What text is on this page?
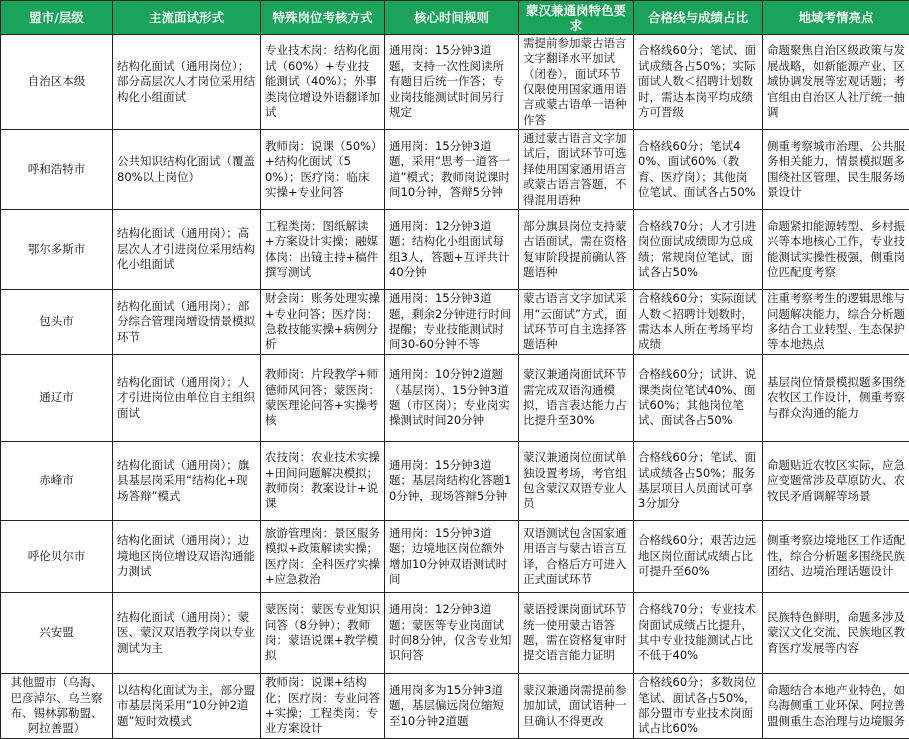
盟市/层级	主流面试形式	特殊岗位考核方式	核心时间规则	蒙汉兼通岗特色要求	合格线与成绩占比	地域考情亮点

自治区本级	结构化面试（通用岗位）；部分高层次人才岗位采用结构化小组面试	专业技术岗：结构化面试（60%）+专业技能测试（40%）；外事类岗位增设外语翻译加试	通用岗：15分钟3道题，支持一次性阅读所有题目后统一作答；专业岗技能测试时间另行规定	需提前参加蒙古语言文字翻译水平加试（闭卷），面试环节仅限使用国家通用语言或蒙古语单一语种作答	合格线60分；笔试、面试成绩各占50%；实际面试人数＜招聘计划数时，需达本岗平均成绩方可晋级	命题聚焦自治区级政策与发展战略，如新能源产业、区域协调发展等宏观话题；考官组由自治区人社厅统一抽调

呼和浩特市	公共知识结构化面试（覆盖80%以上岗位）	教师岗：说课（50%）+结构化面试（50%）；医疗岗：临床实操+专业问答	通用岗：15分钟3道题，采用“思考一道答一道”模式；教师岗说课时间10分钟，答辩5分钟	通过蒙古语言文字加试后，面试环节可选择使用国家通用语言或蒙古语言答题，不得混用语种	合格线60分；笔试40%、面试60%（教育、医疗岗）；其他岗位笔试、面试各占50%	侧重考察城市治理、公共服务相关能力，情景模拟题多围绕社区管理、民生服务场景设计

鄂尔多斯市	结构化面试（通用岗）；高层次人才引进岗位采用结构化小组面试	工程类岗：图纸解读+方案设计实操；融媒体岗：出镜主持+稿件撰写测试	通用岗：12分钟3道题；结构化小组面试每组3人，答题+互评共计40分钟	部分旗县岗位支持蒙古语面试，需在资格复审阶段提前确认答题语种	合格线70分；人才引进岗位面试成绩即为总成绩；常规岗位笔试、面试各占50%	命题紧扣能源转型、乡村振兴等本地核心工作，专业技能测试实操性极强，侧重岗位匹配度考察

包头市	结构化面试（通用岗）；部分综合管理岗增设情景模拟环节	财会岗：账务处理实操+专业问答；医疗岗：急救技能实操+病例分析	通用岗：15分钟3道题，剩余2分钟进行时间提醒；专业技能测试时间30-60分钟不等	蒙古语言文字加试采用“云面试”方式，面试环节可自主选择答题语种	合格线60分；实际面试人数＜招聘计划数时，需达本人所在考场平均成绩	注重考察考生的逻辑思维与问题解决能力，综合分析题多结合工业转型、生态保护等本地热点

通辽市	结构化面试（通用岗）；人才引进岗位由单位自主组织面试	教师岗：片段教学+师德师风问答；蒙医岗：蒙医理论问答+实操考核	通用岗：10分钟2道题（基层岗）、15分钟3道题（市区岗）；专业岗实操测试时间20分钟	蒙汉兼通岗面试环节需完成双语沟通模拟，语言表达能力占比提升至30%	合格线60分；试讲、说课类岗位笔试40%、面试60%；其他岗位笔试、面试各占50%	基层岗位情景模拟题多围绕农牧区工作设计，侧重考察与群众沟通的能力

赤峰市	结构化面试（通用岗）；旗县基层岗采用“结构化+现场答辩”模式	农技岗：农业技术实操+田间问题解决模拟；教师岗：教案设计+说课	通用岗：15分钟3道题；基层岗结构化答题10分钟，现场答辩5分钟	蒙汉兼通岗位面试单独设置考场，考官组包含蒙汉双语专业人员	合格线60分；笔试、面试成绩各占50%；服务基层项目人员面试可享3分加分	命题贴近农牧区实际，应急应变题常涉及草原防火、农牧民矛盾调解等场景

呼伦贝尔市	结构化面试（通用岗）；边境地区岗位增设双语沟通能力测试	旅游管理岗：景区服务模拟+政策解读实操；医疗岗：全科医疗实操+应急救治	通用岗：15分钟3道题；边境地区岗位额外增加10分钟双语测试时间	双语测试包含国家通用语言与蒙古语言互译，合格后方可进入正式面试环节	合格线60分；艰苦边远地区岗位面试成绩占比可提升至60%	侧重考察边境地区工作适配性，综合分析题多围绕民族团结、边境治理话题设计

兴安盟	结构化面试（通用岗）；蒙医、蒙汉双语教学岗以专业测试为主	蒙医岗：蒙医专业知识问答（8分钟）；教师岗：蒙语说课+教学模拟	通用岗：12分钟3道题；蒙医等专业岗面试时间8分钟，仅含专业知识问答	蒙语授课岗面试环节统一使用蒙古语答题，需在资格复审时提交语言能力证明	合格线70分；专业技术岗面试成绩占比提升，其中专业技能测试占比不低于40%	民族特色鲜明，命题多涉及蒙汉文化交流、民族地区教育医疗发展等内容

其他盟市（乌海、巴彦淖尔、乌兰察布、锡林郭勒盟、阿拉善盟）	以结构化面试为主，部分盟市基层岗采用“10分钟2道题”短时效模式	教师岗：说课+结构化；医疗岗：专业问答+实操；工程类岗：专业方案设计	通用岗多为15分钟3道题，基层偏远岗位缩短至10分钟2道题	蒙汉兼通岗需提前参加加试，面试语种一旦确认不得更改	合格线60分；多数岗位笔试、面试各占50%，部分盟市专业技术岗面试占比60%	命题结合本地产业特色，如乌海侧重工业环保、阿拉善盟侧重生态治理与边境服务
